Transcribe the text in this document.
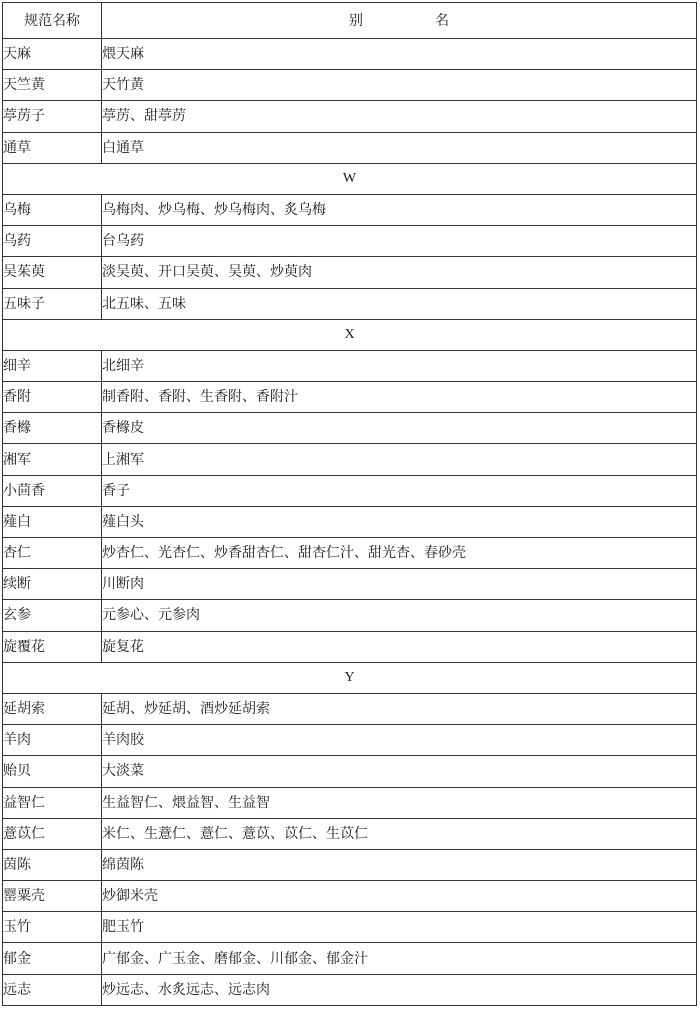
规范名称	别　　名
天麻	煨天麻
天竺黄	天竹黄
葶苈子	葶苈、甜葶苈
通草	白通草
W	
乌梅	乌梅肉、炒乌梅、炒乌梅肉、炙乌梅
乌药	台乌药
吴茱萸	淡吴萸、开口吴萸、吴萸、炒萸肉
五味子	北五味、五味
X	
细辛	北细辛
香附	制香附、香附、生香附、香附汁
香橼	香橼皮
湘军	上湘军
小茴香	香子
薤白	薤白头
杏仁	炒杏仁、光杏仁、炒香甜杏仁、甜杏仁汁、甜光杏、春砂壳
续断	川断肉
玄参	元参心、元参肉
旋覆花	旋复花
Y	
延胡索	延胡、炒延胡、酒炒延胡索
羊肉	羊肉胶
贻贝	大淡菜
益智仁	生益智仁、煨益智、生益智
薏苡仁	米仁、生薏仁、薏仁、薏苡、苡仁、生苡仁
茵陈	绵茵陈
罂粟壳	炒御米壳
玉竹	肥玉竹
郁金	广郁金、广玉金、磨郁金、川郁金、郁金汁
远志	炒远志、水炙远志、远志肉
